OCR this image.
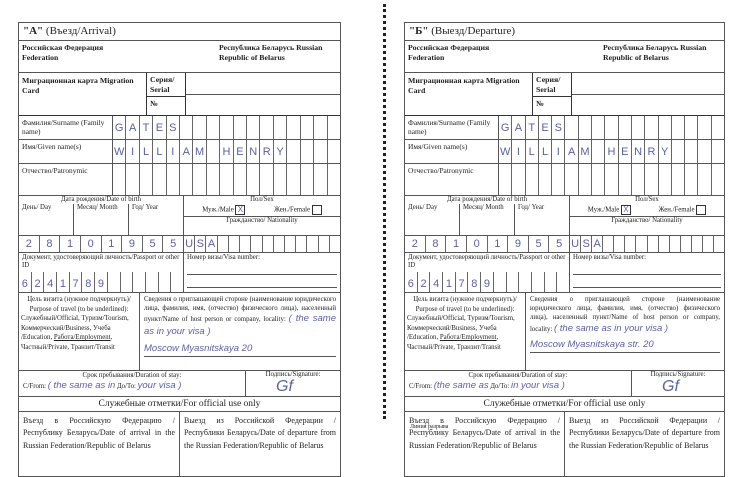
Линия разрыва
"А" (Въезд/Arrival)
Российская Федерация Federation
Республика Беларусь Russian Republic of Belarus
Миграционная карта Migration Card
Серия/ Serial
№
Фамилия/Surname (Family name)	G A T E S
Имя/Given name(s)	W I L L I A M H E N R Y
Отчество/Patronymic
Дата рождения/Date of birth
День/ Day	Месяц/ Month	Год/ Year
Пол/Sex
Муж./Male X	Жен./Female
Гражданство/ Nationality
2	8	1	0	1	9	5	5 U S A
Документ, удостоверяющий личность/Passport or other ID
6 2 4 1 7 8 9
Номер визы/Visa number:
Цель визита (нужное подчеркнуть)/ Purpose of travel (to be underlined):
Служебный/Official, Туризм/Tourism, Коммерческий/Business, Учеба /Education, Работа/Employment, Частный/Private, Транзит/Transit
Сведения о приглашающей стороне (наименование юридического лица, фамилия, имя, (отчество) физического лица), населенный пункт/Name of host person or company, locality: ( the same as in your visa )
Moscow Myasnitskaya 20
Срок пребывания/Duration of stay:
С/From: ( the same as in До/To: your visa )
Подпись/Signature:
Gf
Служебные отметки/For official use only
Въезд в Российскую Федерацию /Республику Беларусь/Date of arrival in the Russian Federation/Republic of Belarus
Выезд из Российской Федерации /Республики Беларусь/Date of departure from the Russian Federation/Republic of Belarus
"Б" (Выезд/Departure)
Российская Федерация Federation
Республика Беларусь Russian Republic of Belarus
Миграционная карта Migration Card
Серия/ Serial
№
Фамилия/Surname (Family name)	G A T E S
Имя/Given name(s)	W I L L I A M H E N R Y
Отчество/Patronymic
Дата рождения/Date of birth
День/ Day	Месяц/ Month	Год/ Year
Пол/Sex
Муж./Male X	Жен./Female
Гражданство/ Nationality
2	8	1	0	1	9	5	5 U S A
Документ, удостоверяющий личность/Passport or other ID
6 2 4 1 7 8 9
Номер визы/Visa number:
Цель визита (нужное подчеркнуть)/ Purpose of travel (to be underlined):
Служебный/Official, Туризм/Tourism, Коммерческий/Business, Учеба /Education, Работа/Employment, Частный/Private, Транзит/Transit
Сведения о приглашающей стороне (наименование юридического лица, фамилия, имя, (отчество) физического лица), населенный пункт/Name of host person or company, locality: ( the same as in your visa )
Moscow Myasnitskaya str. 20
Срок пребывания/Duration of stay:
С/From: (the same as До/To: in your visa )
Подпись/Signature:
Gf
Служебные отметки/For official use only
Въезд в Российскую Федерацию /Республику Беларусь/Date of arrival in the Russian Federation/Republic of Belarus
Выезд из Российской Федерации /Республики Беларусь/Date of departure from the Russian Federation/Republic of Belarus
